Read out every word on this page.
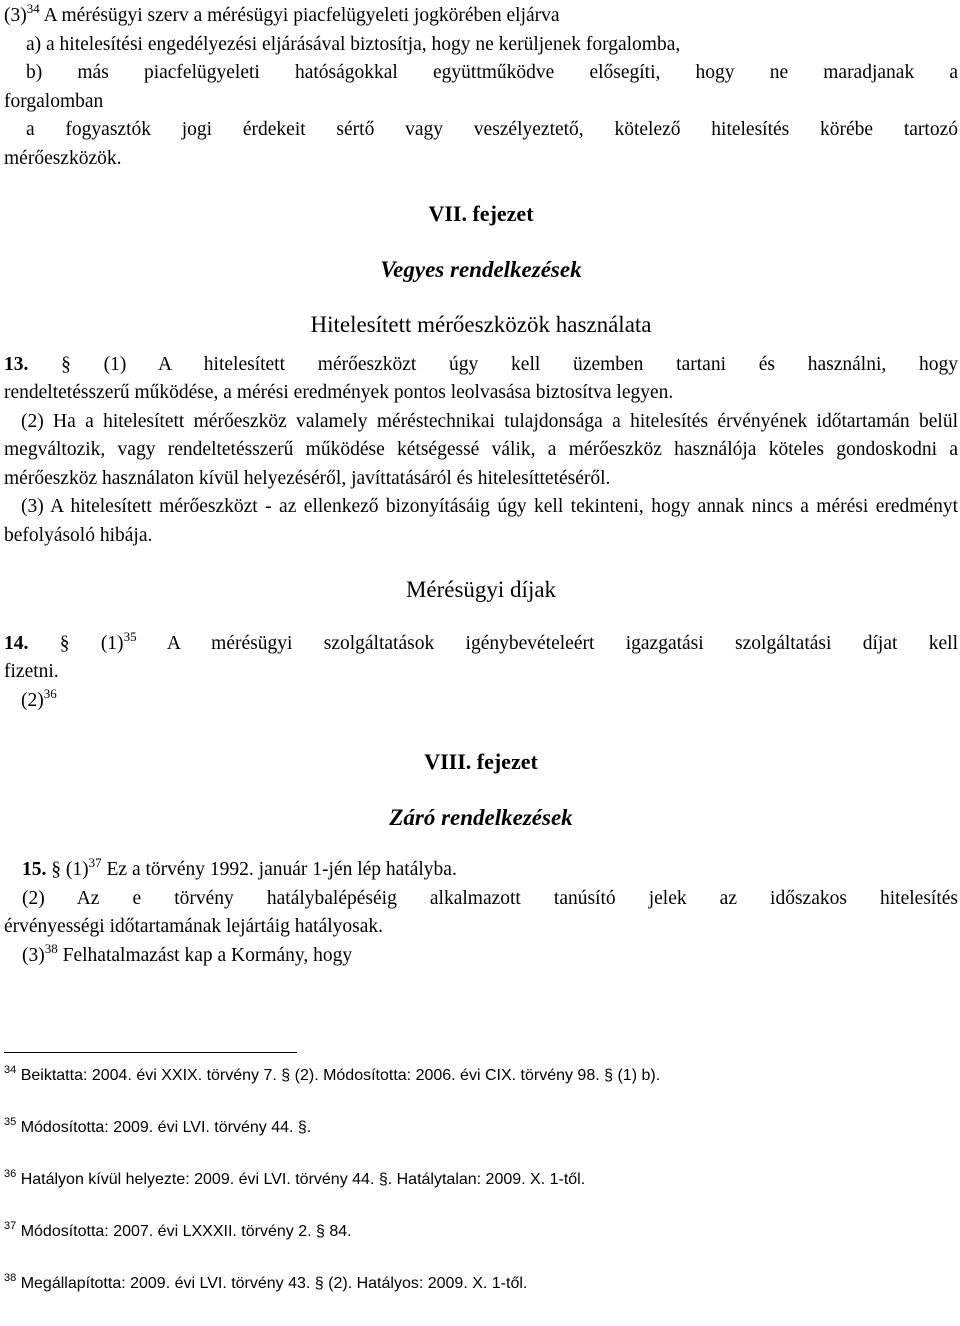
$(3)^{34}$ A mérésügyi szerv a mérésügyi piacfelügyeleti jogkörében eljárva

a) a hitelesítési engedélyezési eljárásával biztosítja, hogy ne kerüljenek forgalomba,

b) más piacfelügyeleti hatóságokkal együttműködve elősegíti, hogy ne maradjanak a

forgalomban

a fogyasztók jogi érdekeit sértő vagy veszélyeztető, kötelező hitelesítés körébe tartozó

mérőeszközök.

VII. fejezet

Vegyes rendelkezések

Hitelesített mérőeszközök használata

13. § (1) A hitelesített mérőeszközt úgy kell üzemben tartani és használni, hogy

rendeltetésszerű működése, a mérési eredmények pontos leolvasása biztosítva legyen.

(2) Ha a hitelesített mérőeszköz valamely méréstechnikai tulajdonsága a hitelesítés érvényének időtartamán belül megváltozik, vagy rendeltetésszerű működése kétségessé válik, a mérőeszköz használója köteles gondoskodni a mérőeszköz használaton kívül helyezéséről, javíttatásáról és hitelesíttetéséről.

(3) A hitelesített mérőeszközt - az ellenkező bizonyításáig úgy kell tekinteni, hogy annak nincs a mérési eredményt befolyásoló hibája.

Mérésügyi díjak

14. § $(1)^{35}$ A mérésügyi szolgáltatások igénybevételeért igazgatási szolgáltatási díjat kell

fizetni.

$(2)^{36}$

VIII. fejezet

Záró rendelkezések

15. § $(1)^{37}$ Ez a törvény 1992. január 1-jén lép hatályba.

(2) Az e törvény hatálybalépéséig alkalmazott tanúsító jelek az időszakos hitelesítés

érvényességi időtartamának lejártáig hatályosak.

$(3)^{38}$ Felhatalmazást kap a Kormány, hogy

$^{34}$ Beiktatta: 2004. évi XXIX. törvény 7. § (2). Módosította: 2006. évi CIX. törvény 98. § (1) b).

$^{35}$ Módosította: 2009. évi LVI. törvény 44. §.

$^{36}$ Hatályon kívül helyezte: 2009. évi LVI. törvény 44. §. Hatálytalan: 2009. X. 1-től.

$^{37}$ Módosította: 2007. évi LXXXII. törvény 2. § 84.

$^{38}$ Megállapította: 2009. évi LVI. törvény 43. § (2). Hatályos: 2009. X. 1-től.
